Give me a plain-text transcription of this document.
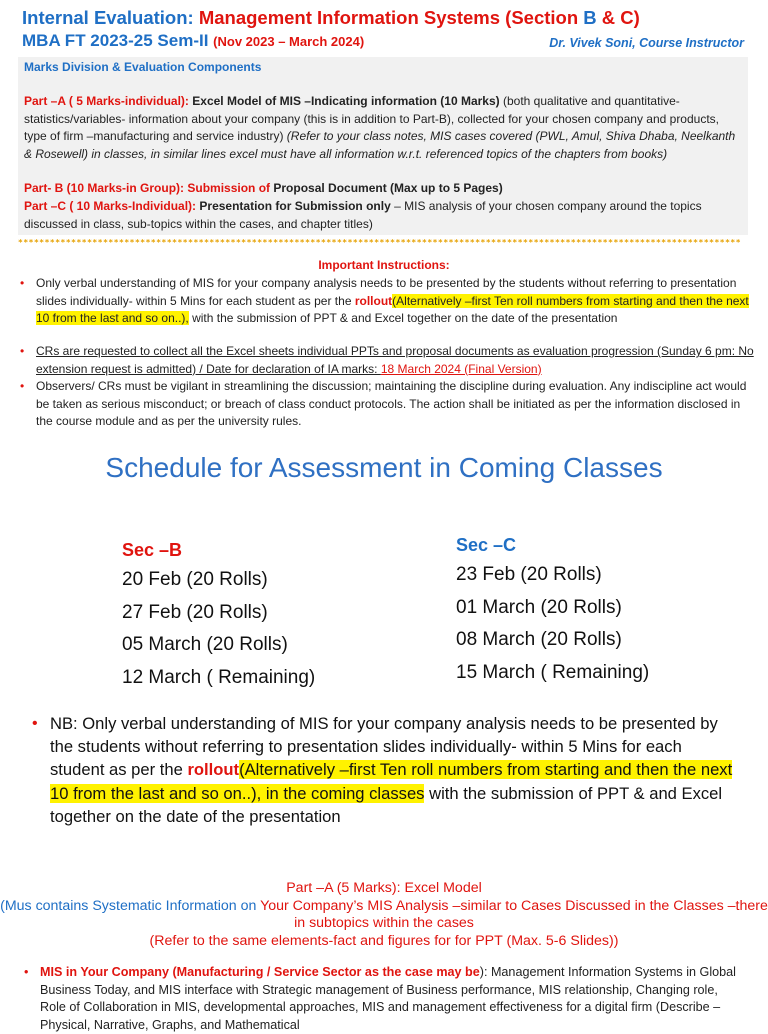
Internal Evaluation: Management Information Systems (Section B & C)
MBA FT 2023-25 Sem-II (Nov 2023 – March 2024)	Dr. Vivek Soni, Course Instructor
Marks Division & Evaluation Components
Part –A ( 5 Marks-individual): Excel Model of MIS –Indicating information (10 Marks) (both qualitative and quantitative-statistics/variables- information about your company (this is in addition to Part-B), collected for your chosen company and products, type of firm –manufacturing and service industry) (Refer to your class notes, MIS cases covered (PWL, Amul, Shiva Dhaba, Neelkanth & Rosewell) in classes, in similar lines excel must have all information w.r.t. referenced topics of the chapters from books)
Part- B (10 Marks-in Group): Submission of Proposal Document (Max up to 5 Pages)
Part –C ( 10 Marks-Individual): Presentation for Submission only – MIS analysis of your chosen company around the topics discussed in class, sub-topics within the cases, and chapter titles)
****************************************************************************************************************************************
Important Instructions:
• Only verbal understanding of MIS for your company analysis needs to be presented by the students without referring to presentation slides individually- within 5 Mins for each student as per the rollout(Alternatively –first Ten roll numbers from starting and then the next 10 from the last and so on..), with the submission of PPT & and Excel together on the date of the presentation
• CRs are requested to collect all the Excel sheets individual PPTs and proposal documents as evaluation progression (Sunday 6 pm: No extension request is admitted) / Date for declaration of IA marks: 18 March 2024 (Final Version)
• Observers/ CRs must be vigilant in streamlining the discussion; maintaining the discipline during evaluation. Any indiscipline act would be taken as serious misconduct; or breach of class conduct protocols. The action shall be initiated as per the information disclosed in the course module and as per the university rules.
Schedule for Assessment in Coming Classes
Sec –B
20 Feb (20 Rolls)
27 Feb (20 Rolls)
05 March (20 Rolls)
12 March ( Remaining)
Sec –C
23 Feb (20 Rolls)
01 March (20 Rolls)
08 March (20 Rolls)
15 March ( Remaining)
• NB: Only verbal understanding of MIS for your company analysis needs to be presented by the students without referring to presentation slides individually- within 5 Mins for each student as per the rollout(Alternatively –first Ten roll numbers from starting and then the next 10 from the last and so on..), in the coming classes with the submission of PPT & and Excel together on the date of the presentation
Part –A (5 Marks): Excel Model
(Mus contains Systematic Information on Your Company’s MIS Analysis –similar to Cases Discussed in the Classes –there in subtopics within the cases
(Refer to the same elements-fact and figures for for PPT (Max. 5-6 Slides))
• MIS in Your Company (Manufacturing / Service Sector as the case may be): Management Information Systems in Global Business Today, and MIS interface with Strategic management of Business performance, MIS relationship, Changing role, Role of Collaboration in MIS, developmental approaches, MIS and management effectiveness for a digital firm (Describe – Physical, Narrative, Graphs, and Mathematical
